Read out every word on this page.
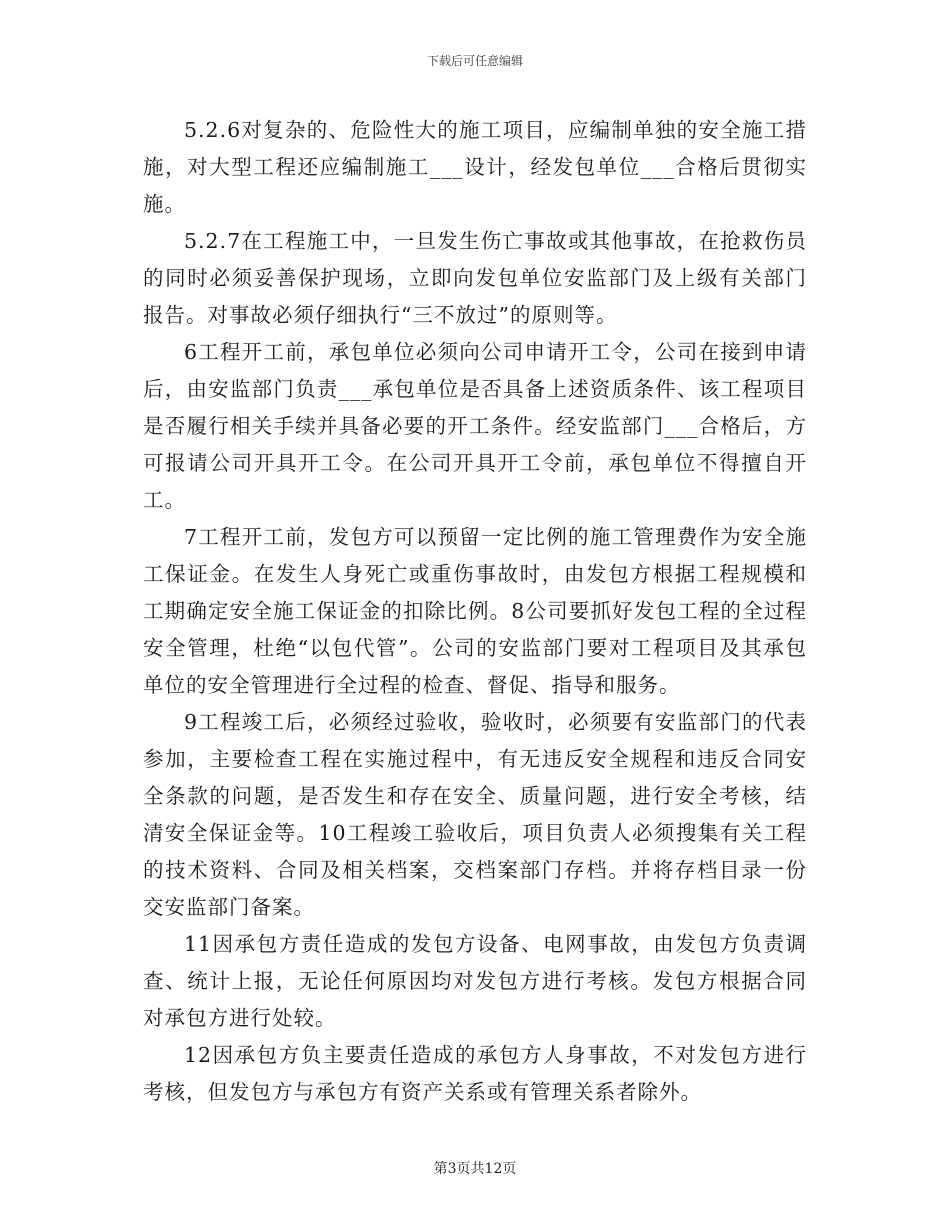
下载后可任意编辑

5.2.6对复杂的、危险性大的施工项目，应编制单独的安全施工措施，对大型工程还应编制施工___设计，经发包单位___合格后贯彻实施。

5.2.7在工程施工中，一旦发生伤亡事故或其他事故，在抢救伤员的同时必须妥善保护现场，立即向发包单位安监部门及上级有关部门报告。对事故必须仔细执行“三不放过”的原则等。

6工程开工前，承包单位必须向公司申请开工令，公司在接到申请后，由安监部门负责___承包单位是否具备上述资质条件、该工程项目是否履行相关手续并具备必要的开工条件。经安监部门___合格后，方可报请公司开具开工令。在公司开具开工令前，承包单位不得擅自开工。

7工程开工前，发包方可以预留一定比例的施工管理费作为安全施工保证金。在发生人身死亡或重伤事故时，由发包方根据工程规模和工期确定安全施工保证金的扣除比例。8公司要抓好发包工程的全过程安全管理，杜绝“以包代管”。公司的安监部门要对工程项目及其承包单位的安全管理进行全过程的检查、督促、指导和服务。

9工程竣工后，必须经过验收，验收时，必须要有安监部门的代表参加，主要检查工程在实施过程中，有无违反安全规程和违反合同安全条款的问题，是否发生和存在安全、质量问题，进行安全考核，结清安全保证金等。10工程竣工验收后，项目负责人必须搜集有关工程的技术资料、合同及相关档案，交档案部门存档。并将存档目录一份交安监部门备案。

11因承包方责任造成的发包方设备、电网事故，由发包方负责调查、统计上报，无论任何原因均对发包方进行考核。发包方根据合同对承包方进行处较。

12因承包方负主要责任造成的承包方人身事故，不对发包方进行考核，但发包方与承包方有资产关系或有管理关系者除外。

第3页共12页
